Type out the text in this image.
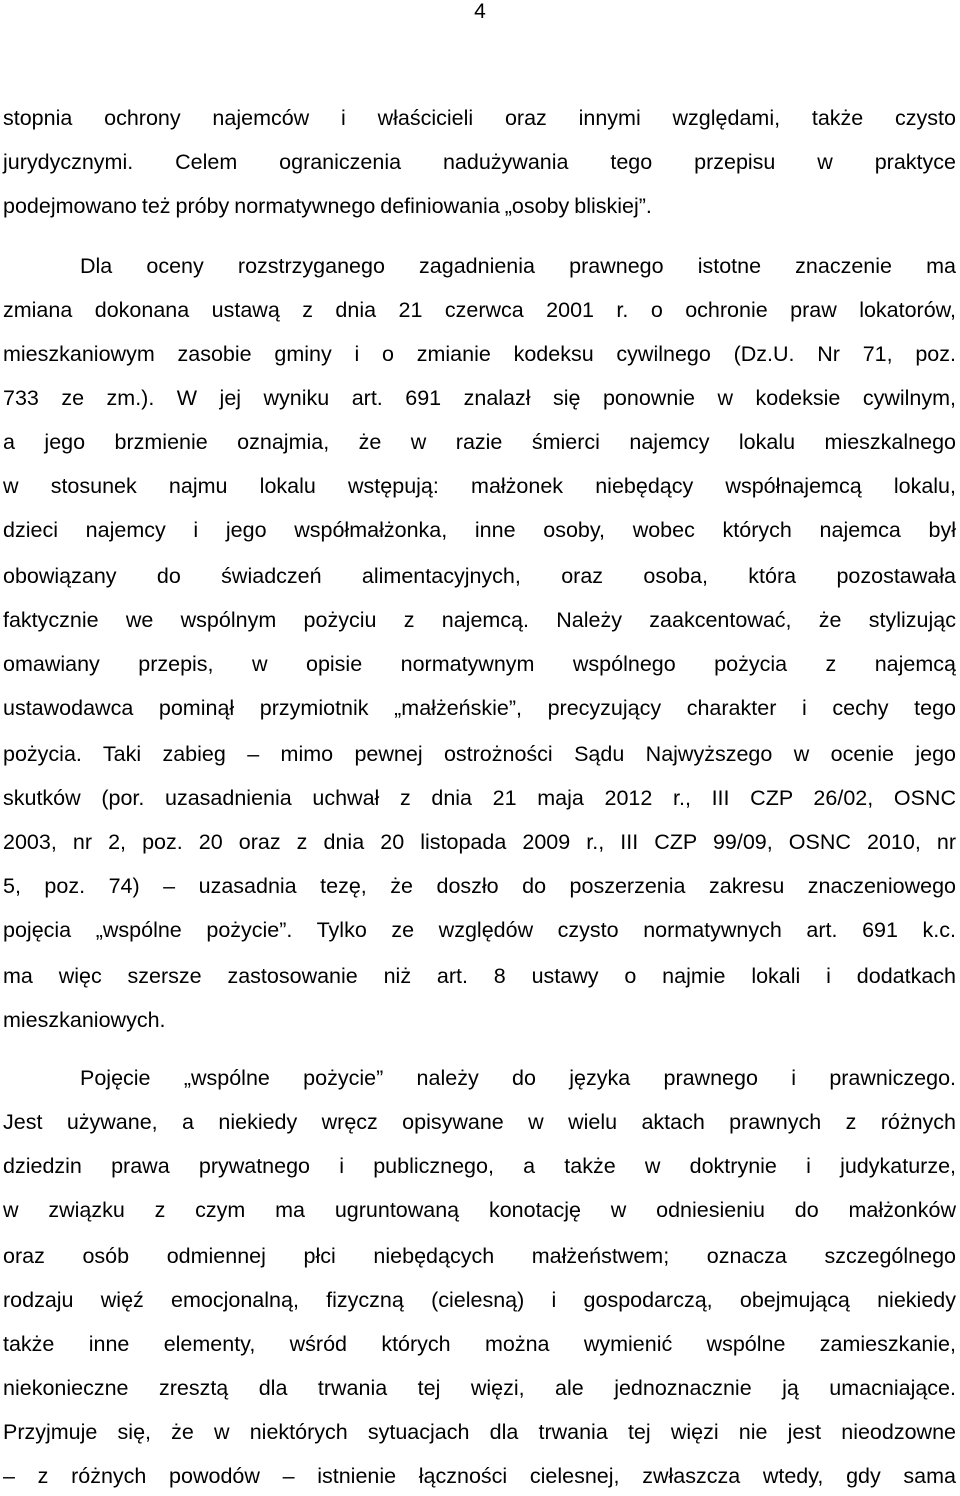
4
stopnia ochrony najemców i właścicieli oraz innymi względami, także czysto
jurydycznymi. Celem ograniczenia nadużywania tego przepisu w praktyce
podejmowano też próby normatywnego definiowania „osoby bliskiej”.
Dla oceny rozstrzyganego zagadnienia prawnego istotne znaczenie ma
zmiana dokonana ustawą z dnia 21 czerwca 2001 r. o ochronie praw lokatorów,
mieszkaniowym zasobie gminy i o zmianie kodeksu cywilnego (Dz.U. Nr 71, poz.
733 ze zm.). W jej wyniku art. 691 znalazł się ponownie w kodeksie cywilnym,
a jego brzmienie oznajmia, że w razie śmierci najemcy lokalu mieszkalnego
w stosunek najmu lokalu wstępują: małżonek niebędący współnajemcą lokalu,
dzieci najemcy i jego współmałżonka, inne osoby, wobec których najemca był
obowiązany do świadczeń alimentacyjnych, oraz osoba, która pozostawała
faktycznie we wspólnym pożyciu z najemcą. Należy zaakcentować, że stylizując
omawiany przepis, w opisie normatywnym wspólnego pożycia z najemcą
ustawodawca pominął przymiotnik „małżeńskie”, precyzujący charakter i cechy tego
pożycia. Taki zabieg – mimo pewnej ostrożności Sądu Najwyższego w ocenie jego
skutków (por. uzasadnienia uchwał z dnia 21 maja 2012 r., III CZP 26/02, OSNC
2003, nr 2, poz. 20 oraz z dnia 20 listopada 2009 r., III CZP 99/09, OSNC 2010, nr
5, poz. 74) – uzasadnia tezę, że doszło do poszerzenia zakresu znaczeniowego
pojęcia „wspólne pożycie”. Tylko ze względów czysto normatywnych art. 691 k.c.
ma więc szersze zastosowanie niż art. 8 ustawy o najmie lokali i dodatkach
mieszkaniowych.
Pojęcie „wspólne pożycie” należy do języka prawnego i prawniczego.
Jest używane, a niekiedy wręcz opisywane w wielu aktach prawnych z różnych
dziedzin prawa prywatnego i publicznego, a także w doktrynie i judykaturze,
w związku z czym ma ugruntowaną konotację w odniesieniu do małżonków
oraz osób odmiennej płci niebędących małżeństwem; oznacza szczególnego
rodzaju więź emocjonalną, fizyczną (cielesną) i gospodarczą, obejmującą niekiedy
także inne elementy, wśród których można wymienić wspólne zamieszkanie,
niekonieczne zresztą dla trwania tej więzi, ale jednoznacznie ją umacniające.
Przyjmuje się, że w niektórych sytuacjach dla trwania tej więzi nie jest nieodzowne
– z różnych powodów – istnienie łączności cielesnej, zwłaszcza wtedy, gdy sama
